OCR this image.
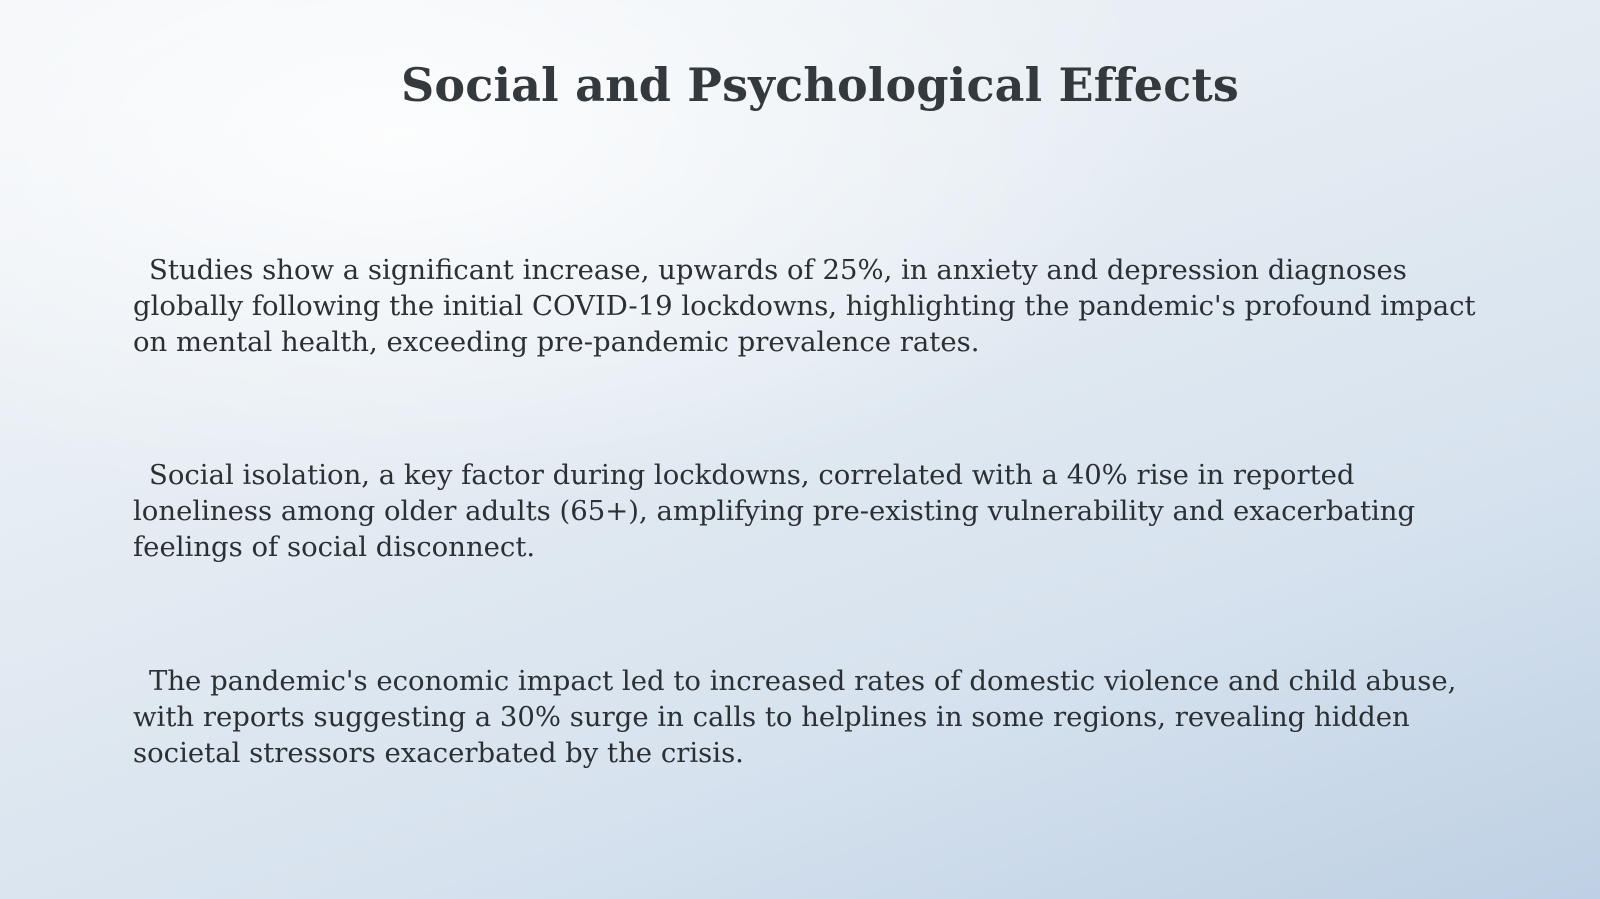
Social and Psychological Effects

Studies show a significant increase, upwards of 25%, in anxiety and depression diagnoses globally following the initial COVID-19 lockdowns, highlighting the pandemic's profound impact on mental health, exceeding pre-pandemic prevalence rates.

Social isolation, a key factor during lockdowns, correlated with a 40% rise in reported loneliness among older adults (65+), amplifying pre-existing vulnerability and exacerbating feelings of social disconnect.

The pandemic's economic impact led to increased rates of domestic violence and child abuse, with reports suggesting a 30% surge in calls to helplines in some regions, revealing hidden societal stressors exacerbated by the crisis.
